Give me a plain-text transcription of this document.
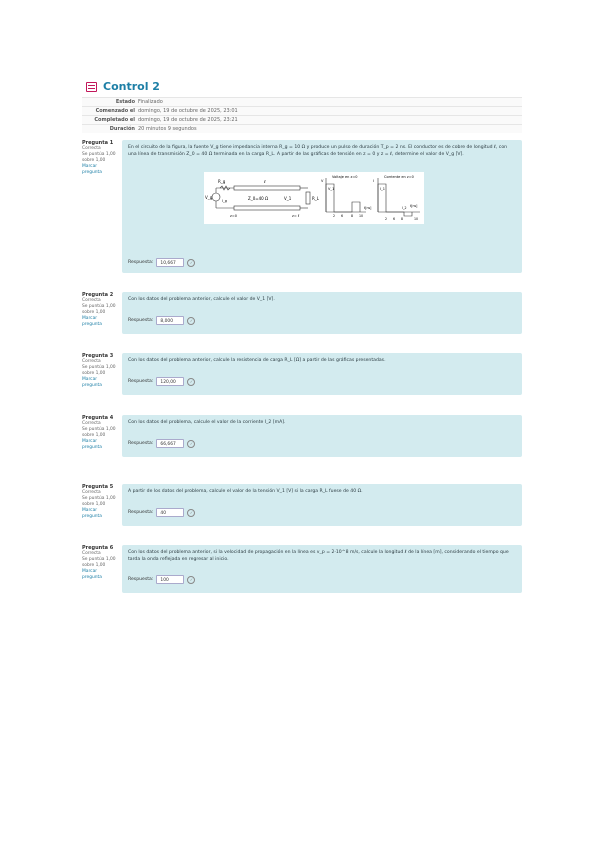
Control 2
Estado Finalizado
Comenzado el domingo, 19 de octubre de 2025, 23:01
Completado el domingo, 19 de octubre de 2025, 23:21
Duración 20 minutos 9 segundos
Pregunta 1
Correcta
Se puntúa 1,00 sobre 1,00
Marcar pregunta
En el circuito de la figura, la fuente V_g tiene impedancia interna R_g = 10 Ω y produce un pulso de duración T_p = 2 ns. El conductor es de cobre de longitud ℓ, con una línea de transmisión Z_0 = 40 Ω terminada en la carga R_L. A partir de las gráficas de tensión en z = 0 y z = ℓ, determine el valor de V_g [V].
R_g
V_g
I_g
ℓ
Z_0=40 Ω	V_1	R_L
z=0	z= ℓ
Voltaje en z=0
V
V_1
2 6 8 10
t[ns]
Corriente en z=0
I
I_1
2 6 8	10
I_2 t[ns]
Respuesta:	10,667	✓
Pregunta 2
Correcta
Se puntúa 1,00 sobre 1,00
Marcar pregunta
Con los datos del problema anterior, calcule el valor de V_1 [V].
Respuesta:	8,000	✓
Pregunta 3
Correcta
Se puntúa 1,00 sobre 1,00
Marcar pregunta
Con los datos del problema anterior, calcule la resistencia de carga R_L [Ω] a partir de las gráficas presentadas.
Respuesta:	120,00	✓
Pregunta 4
Correcta
Se puntúa 1,00 sobre 1,00
Marcar pregunta
Con los datos del problema, calcule el valor de la corriente I_2 [mA].
Respuesta:	66,667	✓
Pregunta 5
Correcta
Se puntúa 1,00 sobre 1,00
Marcar pregunta
A partir de los datos del problema, calcule el valor de la tensión V_1 [V] si la carga R_L fuese de 40 Ω.
Respuesta:	40	✓
Pregunta 6
Correcta
Se puntúa 1,00 sobre 1,00
Marcar pregunta
Con los datos del problema anterior, si la velocidad de propagación en la línea es v_p = 2·10^8 m/s, calcule la longitud ℓ de la línea [m], considerando el tiempo que tarda la onda reflejada en regresar al inicio.
Respuesta:	100	✓
